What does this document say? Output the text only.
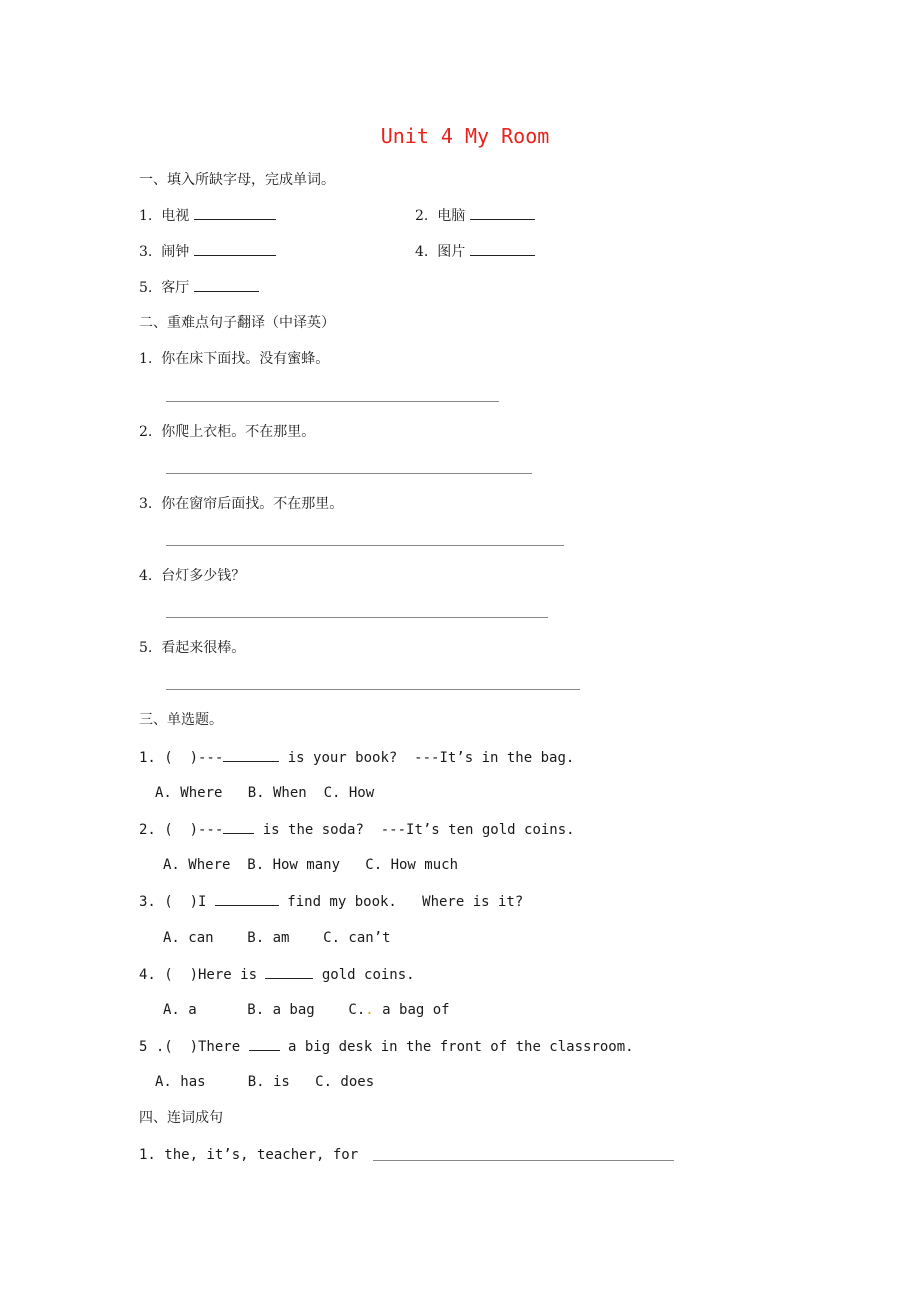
Unit 4 My Room
一、填入所缺字母，完成单词。
1. 电视	2. 电脑
3. 闹钟	4. 图片
5. 客厅
二、重难点句子翻译（中译英）
1. 你在床下面找。没有蜜蜂。
2. 你爬上衣柜。不在那里。
3. 你在窗帘后面找。不在那里。
4. 台灯多少钱？
5. 看起来很棒。
三、单选题。
1. (  )---	is your book?  ---It’s in the bag.
A. Where   B. When  C. How
2. (  )--- is the soda?  ---It’s ten gold coins.
A. Where  B. How many   C. How much
3. (  )I	find my book.   Where is it?
A. can    B. am    C. can’t
4. (  )Here is	gold coins.
A. a      B. a bag    C.. a bag of
5 .(  )There  a big desk in the front of the classroom.
A. has     B. is   C. does
四、连词成句
1. the, it’s, teacher, for
